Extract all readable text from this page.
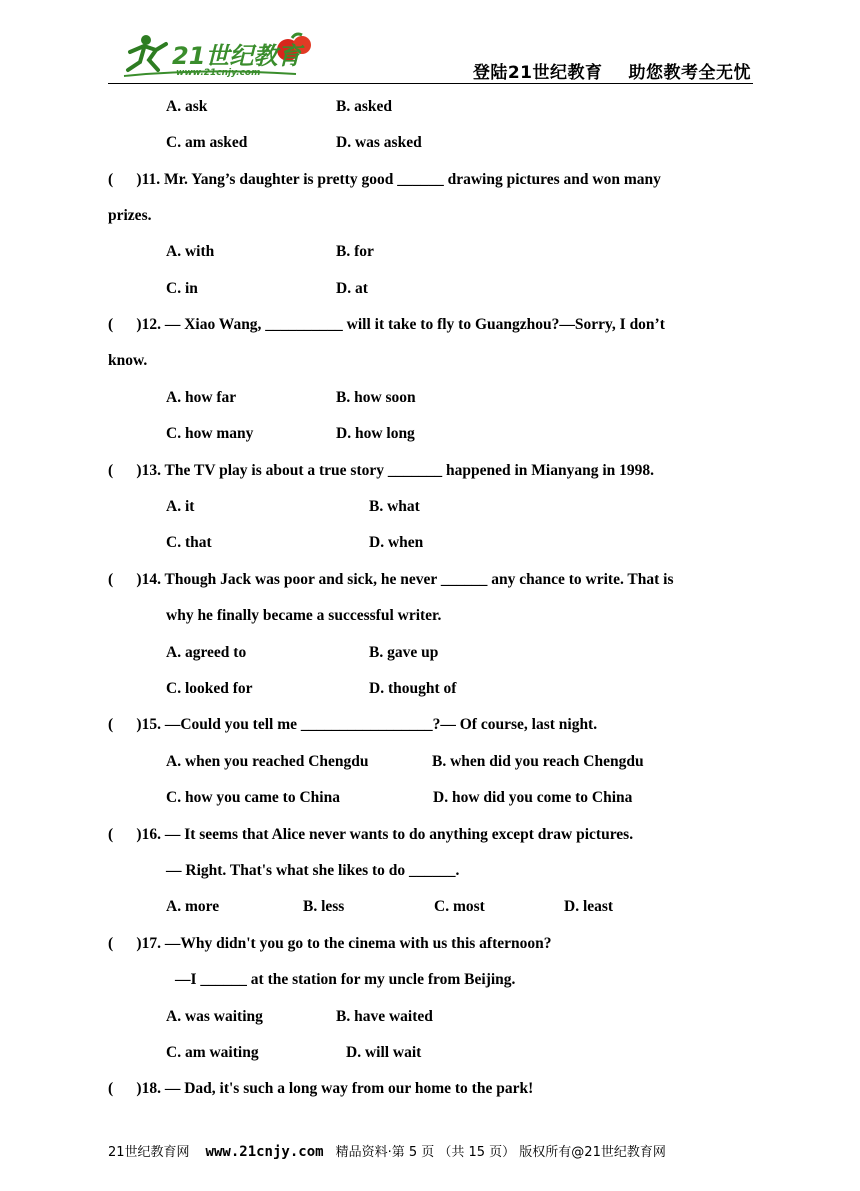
21世纪教育
www.21cnjy.com	登陆21世纪教育 助您教考全无忧
A. ask	B. asked
C. am asked	D. was asked
(      )11. Mr. Yang’s daughter is pretty good ______ drawing pictures and won many
prizes.
A. with	B. for
C. in	D. at
(      )12. — Xiao Wang, __________ will it take to fly to Guangzhou?—Sorry, I don’t
know.
A. how far	B. how soon
C. how many	D. how long
(      )13. The TV play is about a true story _______ happened in Mianyang in 1998.
A. it	B. what
C. that	D. when
(      )14. Though Jack was poor and sick, he never ______ any chance to write. That is
why he finally became a successful writer.
A. agreed to	B. gave up
C. looked for	D. thought of
(      )15. —Could you tell me _________________?— Of course, last night.
A. when you reached Chengdu	B. when did you reach Chengdu
C. how you came to China	D. how did you come to China
(      )16. — It seems that Alice never wants to do anything except draw pictures.
— Right. That's what she likes to do ______.
A. more	B. less	C. most	D. least
(      )17. —Why didn't you go to the cinema with us this afternoon?
—I ______ at the station for my uncle from Beijing.
A. was waiting	B. have waited
C. am waiting	D. will wait
(      )18. — Dad, it's such a long way from our home to the park!
21世纪教育网 www.21cnjy.com 精品资料·第 5 页 （共 15 页） 版权所有@21世纪教育网
